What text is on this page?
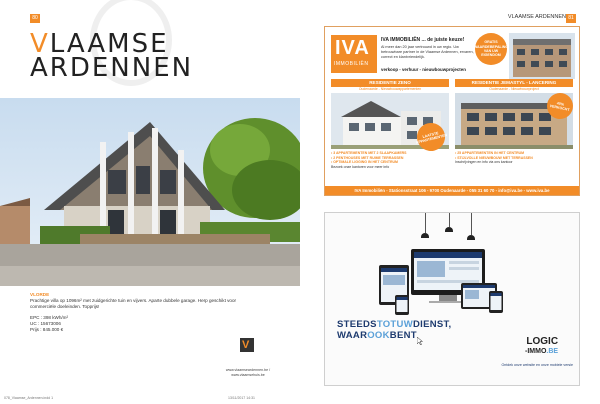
80
VLAAMSE
ARDENNEN
VLORDE
Prachtige villa op 1096m² met zuidgerichte tuin en vijvers. Aparte dubbele garage. Herp geschikt voor commerciële doeleinden. Topprijs!
EPC : 398 kWh/m²
UC : 15673006
Prijs : 845.000 €
V
www.vlaamseardennen.be / www.vlaamsehuis.be
078_Vlaamse_Ardennen.indd 1	13/11/2017 14:31
VLAAMSE ARDENNEN 81
IVA
IMMOBILIËN
IVA IMMOBILIËN ... de juiste keuze!
Al meer dan 20 jaar vertrouwd in uw regio. Uw betrouwbare partner in de Vlaamse Ardennen, ervaren, correct en klantvriendelijk.
verkoop - verhuur - nieuwbouwprojecten
GRATIS WAARDEBEPALING VAN UW EIGENDOM
RESIDENTIE ZENO
Oudenaarde - Nieuwbouwappartementen
RESIDENTIE JEMASTYL - LANCERING
Oudenaarde - Nieuwbouwproject
LAATSTE APPARTEMENTEN
40% VERKOCHT
• 3 APPARTEMENTEN MET 2 SLAAPKAMERS
• 2 PENTHOUSES MET RUIME TERRASSEN
• OPTIMALE LIGGING IN HET CENTRUM
Bezoek onze kantoren voor meer info
• 25 APPARTEMENTEN IN HET CENTRUM
• STIJLVOLLE NIEUWBOUW MET TERRASSEN
Inschrijvingen en info via ons kantoor
IVA Immobiliën - Stationsstraat 106 - 9700 Oudenaarde - 055 31 60 70 - info@iva.be - www.iva.be
STEEDSTOTUWDIENST,
WAAROOKBENT
LOGIC
-IMMO.BE
Ontdek onze website en onze mobiele versie
